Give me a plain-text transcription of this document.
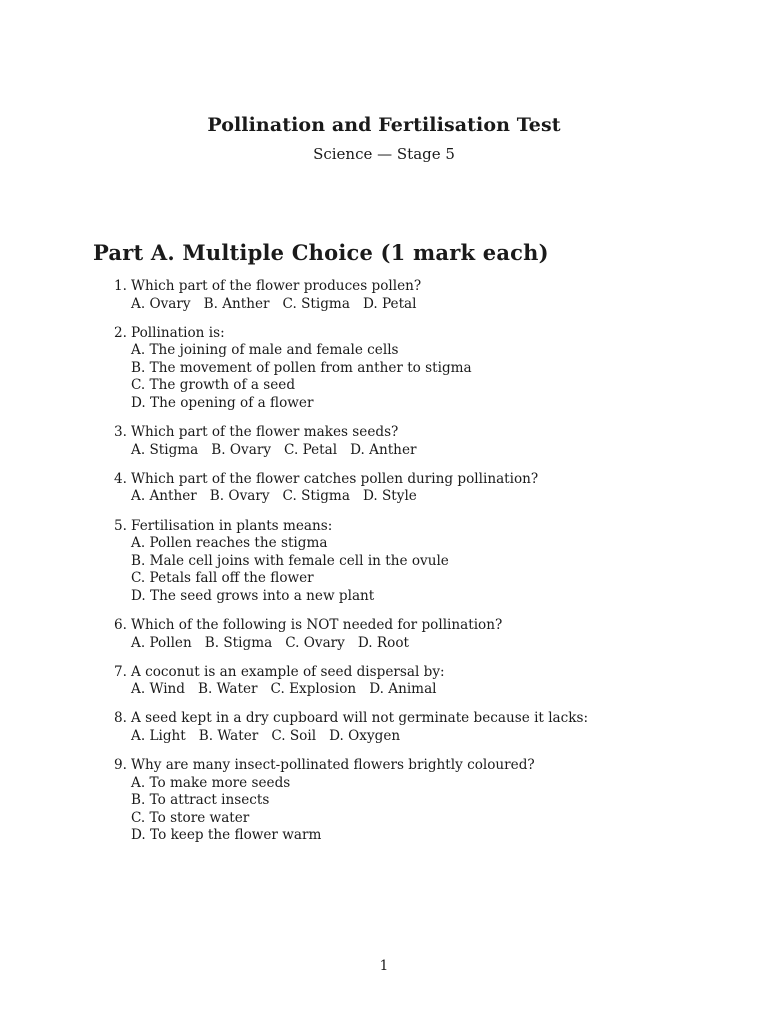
Pollination and Fertilisation Test
Science — Stage 5
Part A. Multiple Choice (1 mark each)
1. Which part of the flower produces pollen?
A. Ovary B. Anther C. Stigma D. Petal
2. Pollination is:
A. The joining of male and female cells
B. The movement of pollen from anther to stigma
C. The growth of a seed
D. The opening of a flower
3. Which part of the flower makes seeds?
A. Stigma B. Ovary C. Petal D. Anther
4. Which part of the flower catches pollen during pollination?
A. Anther B. Ovary C. Stigma D. Style
5. Fertilisation in plants means:
A. Pollen reaches the stigma
B. Male cell joins with female cell in the ovule
C. Petals fall off the flower
D. The seed grows into a new plant
6. Which of the following is NOT needed for pollination?
A. Pollen B. Stigma C. Ovary D. Root
7. A coconut is an example of seed dispersal by:
A. Wind B. Water C. Explosion D. Animal
8. A seed kept in a dry cupboard will not germinate because it lacks:
A. Light B. Water C. Soil D. Oxygen
9. Why are many insect-pollinated flowers brightly coloured?
A. To make more seeds
B. To attract insects
C. To store water
D. To keep the flower warm
1
